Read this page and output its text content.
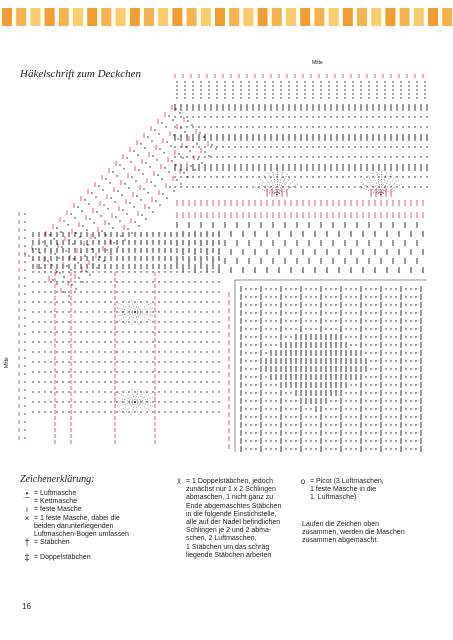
Häkelschrift zum Deckchen
Mitte
Mitte
Zeichenerklärung:
• = Luftmasche
⌒ = Kettmasche
ı = feste Masche
× = 1 feste Masche, dabei die
beiden darunterliegenden
Luftmaschen-Bogen umfassen
† = Stäbchen
‡ = Doppelstäbchen
ᵡ = 1 Doppelstäbchen, jedoch
zunächst nur 1 x 2 Schlingen
abmaschen, 1 nicht ganz zu
Ende abgemaschtes Stäbchen
in die folgende Einstichstelle,
alle auf der Nadel befindlichen
Schlingen je 2 und 2 abma-
schen, 2 Luftmaschen,
1 Stäbchen um das schräg
liegende Stäbchen arbeiten
o = Picot (3 Luftmaschen,
1 feste Masche in die
1. Luftmasche)
Laufen die Zeichen oben
zusammen, werden die Maschen
zusammen abgemascht.
16
